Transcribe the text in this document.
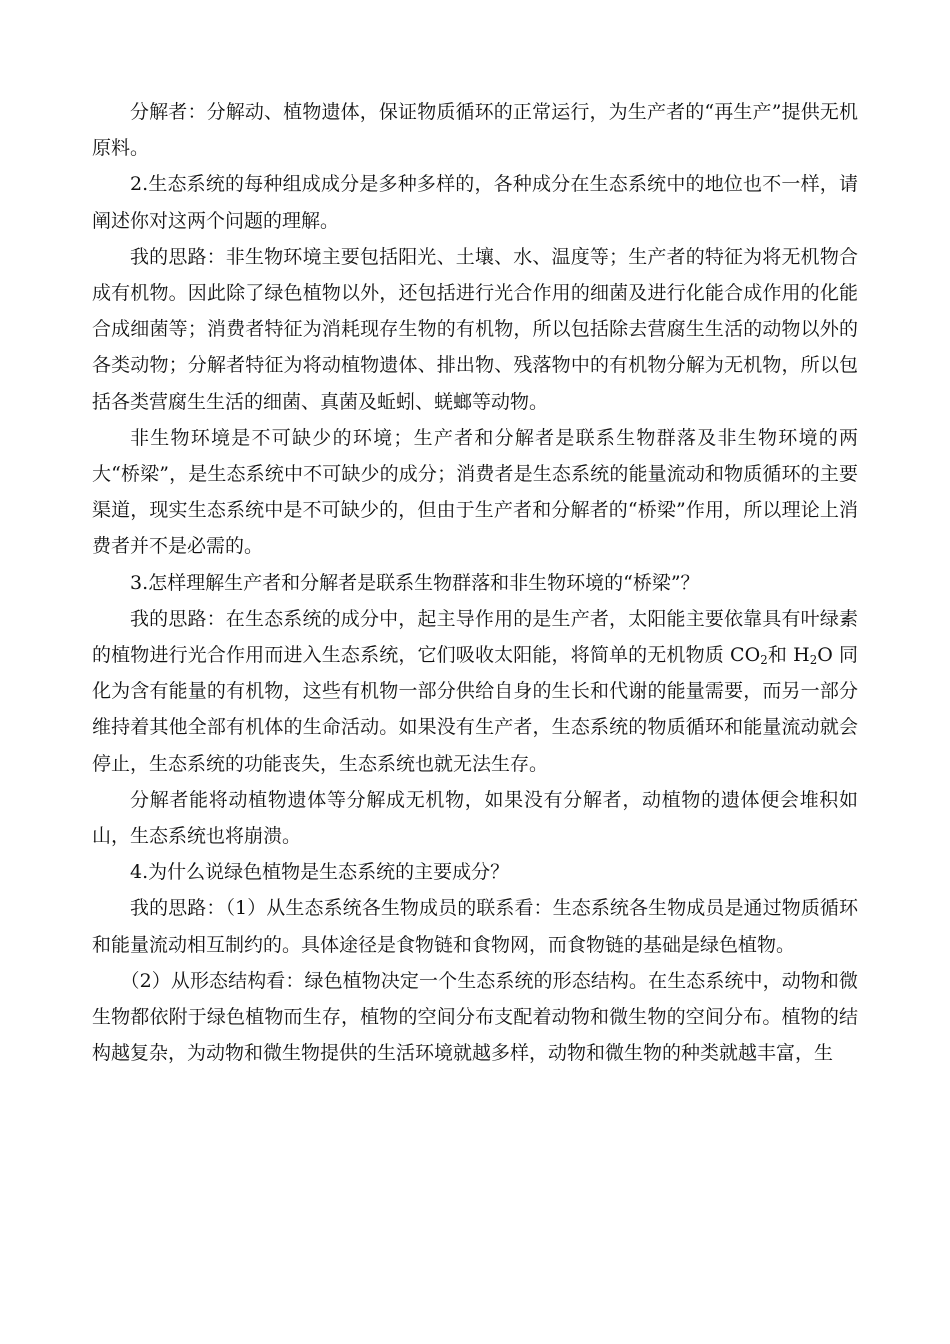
分解者：分解动、植物遗体，保证物质循环的正常运行，为生产者的“再生产”提供无机原料。

2.生态系统的每种组成成分是多种多样的，各种成分在生态系统中的地位也不一样，请阐述你对这两个问题的理解。

我的思路：非生物环境主要包括阳光、土壤、水、温度等；生产者的特征为将无机物合成有机物。因此除了绿色植物以外，还包括进行光合作用的细菌及进行化能合成作用的化能合成细菌等；消费者特征为消耗现存生物的有机物，所以包括除去营腐生生活的动物以外的各类动物；分解者特征为将动植物遗体、排出物、残落物中的有机物分解为无机物，所以包括各类营腐生生活的细菌、真菌及蚯蚓、蜣螂等动物。

非生物环境是不可缺少的环境；生产者和分解者是联系生物群落及非生物环境的两大“桥梁”，是生态系统中不可缺少的成分；消费者是生态系统的能量流动和物质循环的主要渠道，现实生态系统中是不可缺少的，但由于生产者和分解者的“桥梁”作用，所以理论上消费者并不是必需的。

3.怎样理解生产者和分解者是联系生物群落和非生物环境的“桥梁”？

我的思路：在生态系统的成分中，起主导作用的是生产者，太阳能主要依靠具有叶绿素的植物进行光合作用而进入生态系统，它们吸收太阳能，将简单的无机物质 $CO_2$和 $H_2O$ 同化为含有能量的有机物，这些有机物一部分供给自身的生长和代谢的能量需要，而另一部分维持着其他全部有机体的生命活动。如果没有生产者，生态系统的物质循环和能量流动就会停止，生态系统的功能丧失，生态系统也就无法生存。

分解者能将动植物遗体等分解成无机物，如果没有分解者，动植物的遗体便会堆积如山，生态系统也将崩溃。

4.为什么说绿色植物是生态系统的主要成分？

我的思路：（1）从生态系统各生物成员的联系看：生态系统各生物成员是通过物质循环和能量流动相互制约的。具体途径是食物链和食物网，而食物链的基础是绿色植物。

（2）从形态结构看：绿色植物决定一个生态系统的形态结构。在生态系统中，动物和微生物都依附于绿色植物而生存，植物的空间分布支配着动物和微生物的空间分布。植物的结构越复杂，为动物和微生物提供的生活环境就越多样，动物和微生物的种类就越丰富，生
